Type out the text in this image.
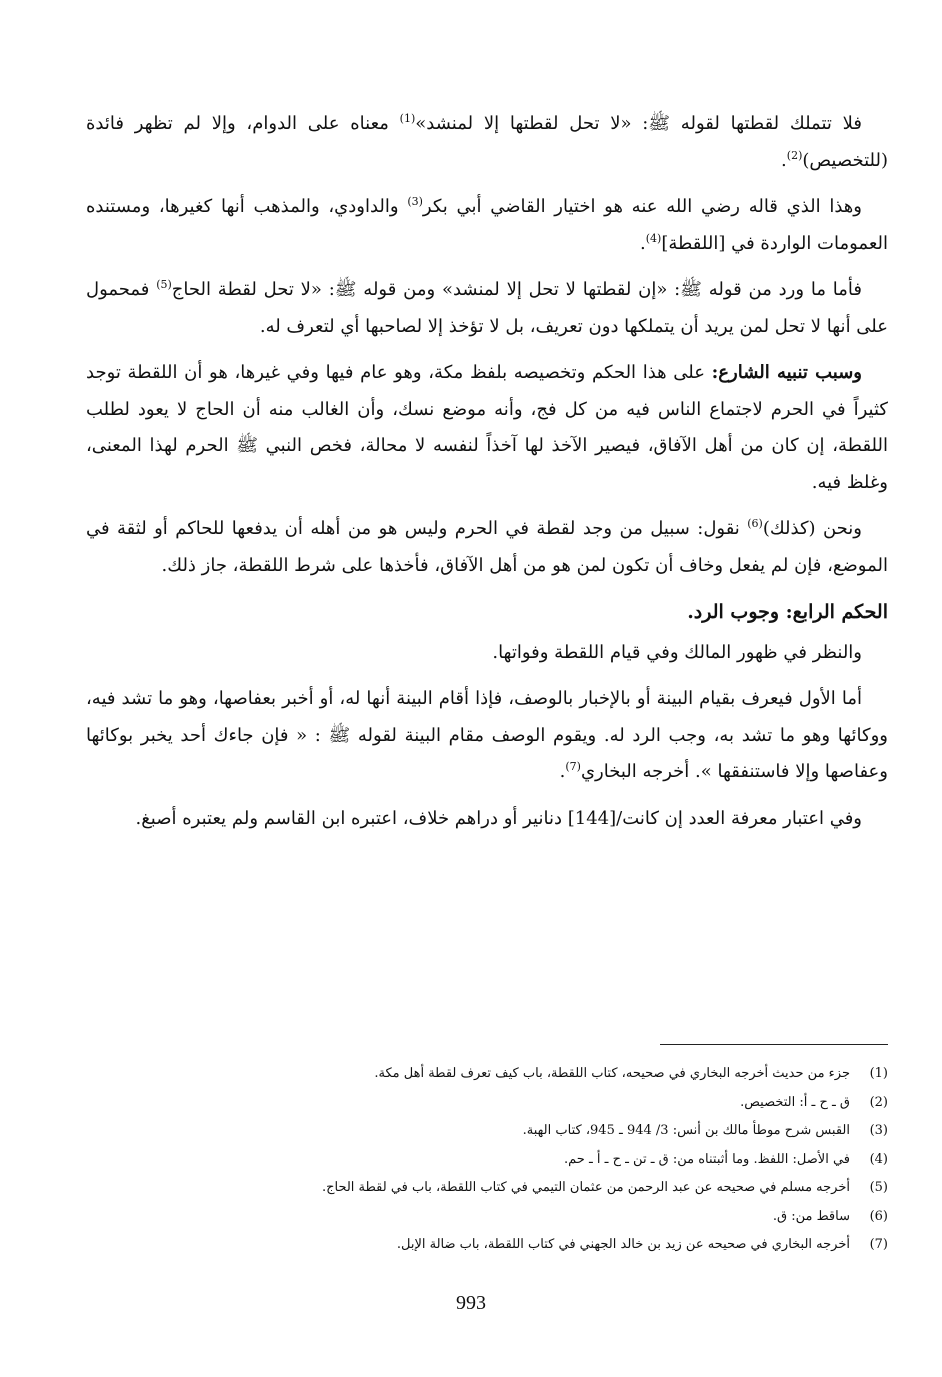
فلا تتملك لقطتها لقوله ﷺ: «لا تحل لقطتها إلا لمنشد»$^{(1)}$ معناه على الدوام، وإلا لم تظهر فائدة (للتخصيص)$^{(2)}$.

وهذا الذي قاله رضي الله عنه هو اختيار القاضي أبي بكر$^{(3)}$ والداودي، والمذهب أنها كغيرها، ومستنده العمومات الواردة في [اللقطة]$^{(4)}$.

فأما ما ورد من قوله ﷺ: «إن لقطتها لا تحل إلا لمنشد» ومن قوله ﷺ: «لا تحل لقطة الحاج$^{(5)}$ فمحمول على أنها لا تحل لمن يريد أن يتملكها دون تعريف، بل لا تؤخذ إلا لصاحبها أي لتعرف له.

وسبب تنبيه الشارع: على هذا الحكم وتخصيصه بلفظ مكة، وهو عام فيها وفي غيرها، هو أن اللقطة توجد كثيراً في الحرم لاجتماع الناس فيه من كل فج، وأنه موضع نسك، وأن الغالب منه أن الحاج لا يعود لطلب اللقطة، إن كان من أهل الآفاق، فيصير الآخذ لها آخذاً لنفسه لا محالة، فخص النبي ﷺ الحرم لهذا المعنى، وغلظ فيه.

ونحن (كذلك)$^{(6)}$ نقول: سبيل من وجد لقطة في الحرم وليس هو من أهله أن يدفعها للحاكم أو لثقة في الموضع، فإن لم يفعل وخاف أن تكون لمن هو من أهل الآفاق، فأخذها على شرط اللقطة، جاز ذلك.

الحكم الرابع: وجوب الرد.

والنظر في ظهور المالك وفي قيام اللقطة وفواتها.

أما الأول فيعرف بقيام البينة أو بالإخبار بالوصف، فإذا أقام البينة أنها له، أو أخبر بعفاصها، وهو ما تشد فيه، ووكائها وهو ما تشد به، وجب الرد له. ويقوم الوصف مقام البينة لقوله ﷺ : « فإن جاءك أحد يخبر بوكائها وعفاصها وإلا فاستنفقها ». أخرجه البخاري$^{(7)}$.

وفي اعتبار معرفة العدد إن كانت/[144] دنانير أو دراهم خلاف، اعتبره ابن القاسم ولم يعتبره أصبغ.

(1)
جزء من حديث أخرجه البخاري في صحيحه، كتاب اللقطة، باب كيف تعرف لقطة أهل مكة.
(2)
ق ـ ح ـ أ: التخصيص.
(3)
القبس شرح موطأ مالك بن أنس: 3/ 944 ـ 945، كتاب الهبة.
(4)
في الأصل: اللفظ. وما أثبتناه من: ق ـ تن ـ ح ـ أ ـ حم.
(5)
أخرجه مسلم في صحيحه عن عبد الرحمن من عثمان التيمي في كتاب اللقطة، باب في لقطة الحاج.
(6)
ساقط من: ق.
(7)
أخرجه البخاري في صحيحه عن زيد بن خالد الجهني في كتاب اللقطة، باب ضالة الإبل.
993
